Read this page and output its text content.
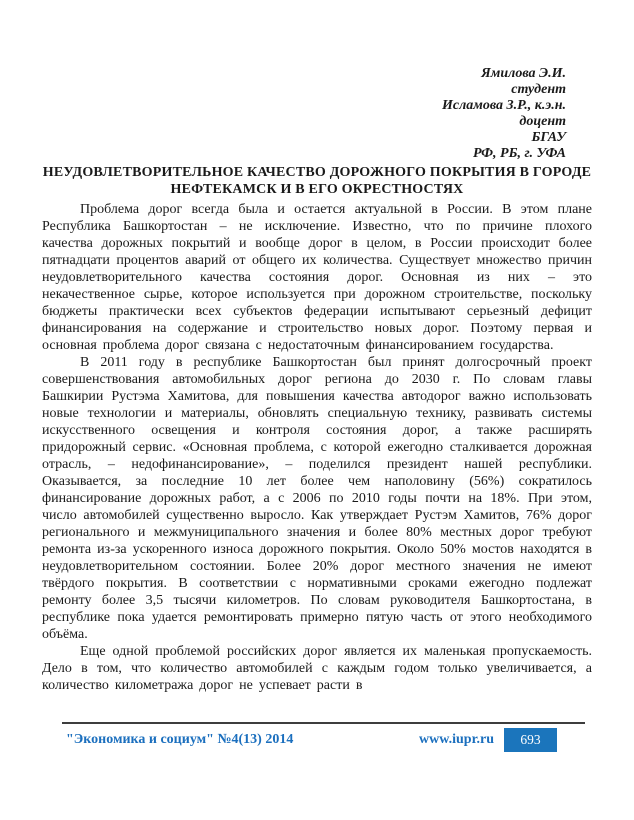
Ямилова Э.И.
студент
Исламова З.Р., к.э.н.
доцент
БГАУ
РФ, РБ, г. УФА
НЕУДОВЛЕТВОРИТЕЛЬНОЕ КАЧЕСТВО ДОРОЖНОГО ПОКРЫТИЯ В ГОРОДЕ НЕФТЕКАМСК И В ЕГО ОКРЕСТНОСТЯХ

Проблема дорог всегда была и остается актуальной в России. В этом плане Республика Башкортостан – не исключение. Известно, что по причине плохого качества дорожных покрытий и вообще дорог в целом, в России происходит более пятнадцати процентов аварий от общего их количества. Существует множество причин неудовлетворительного качества состояния дорог. Основная из них – это некачественное сырье, которое используется при дорожном строительстве, поскольку бюджеты практически всех субъектов федерации испытывают серьезный дефицит финансирования на содержание и строительство новых дорог. Поэтому первая и основная проблема дорог связана с недостаточным финансированием государства.

В 2011 году в республике Башкортостан был принят долгосрочный проект совершенствования автомобильных дорог региона до 2030 г. По словам главы Башкирии Рустэма Хамитова, для повышения качества автодорог важно использовать новые технологии и материалы, обновлять специальную технику, развивать системы искусственного освещения и контроля состояния дорог, а также расширять придорожный сервис. «Основная проблема, с которой ежегодно сталкивается дорожная отрасль, – недофинансирование», – поделился президент нашей республики. Оказывается, за последние 10 лет более чем наполовину (56%) сократилось финансирование дорожных работ, а с 2006 по 2010 годы почти на 18%. При этом, число автомобилей существенно выросло. Как утверждает Рустэм Хамитов, 76% дорог регионального и межмуниципального значения и более 80% местных дорог требуют ремонта из-за ускоренного износа дорожного покрытия. Около 50% мостов находятся в неудовлетворительном состоянии. Более 20% дорог местного значения не имеют твёрдого покрытия. В соответствии с нормативными сроками ежегодно подлежат ремонту более 3,5 тысячи километров. По словам руководителя Башкортостана, в республике пока удается ремонтировать примерно пятую часть от этого необходимого объёма.

Еще одной проблемой российских дорог является их маленькая пропускаемость. Дело в том, что количество автомобилей с каждым годом только увеличивается, а количество километража дорог не успевает расти в

"Экономика и социум" №4(13) 2014	www.iupr.ru	693
